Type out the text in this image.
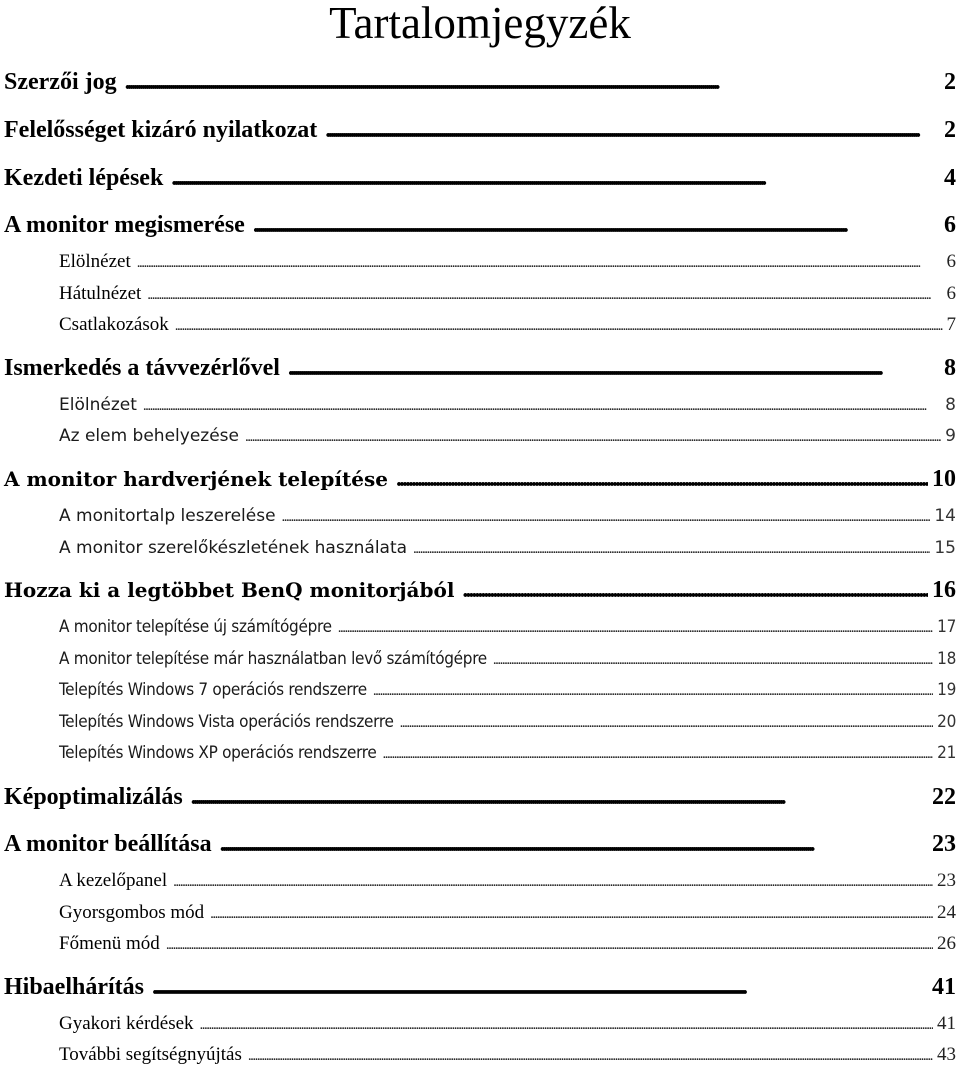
Tartalomjegyzék
Szerzői jog .....	2
Felelősséget kizáró nyilatkozat .....	2
Kezdeti lépések .....	4
A monitor megismerése .....	6
Elölnézet .....	6
Hátulnézet .....	6
Csatlakozások .....	7
Ismerkedés a távvezérlővel .....	8
Elölnézet .....	8
Az elem behelyezése .....	9
A monitor hardverjének telepítése .....	10
A monitortalp leszerelése .....	14
A monitor szerelőkészletének használata .....	15
Hozza ki a legtöbbet BenQ monitorjából .....	16
A monitor telepítése új számítógépre .....	17
A monitor telepítése már használatban levő számítógépre .....	18
Telepítés Windows 7 operációs rendszerre .....	19
Telepítés Windows Vista operációs rendszerre .....	20
Telepítés Windows XP operációs rendszerre .....	21
Képoptimalizálás .....	22
A monitor beállítása .....	23
A kezelőpanel .....	23
Gyorsgombos mód .....	24
Főmenü mód .....	26
Hibaelhárítás .....	41
Gyakori kérdések .....	41
További segítségnyújtás .....	43
